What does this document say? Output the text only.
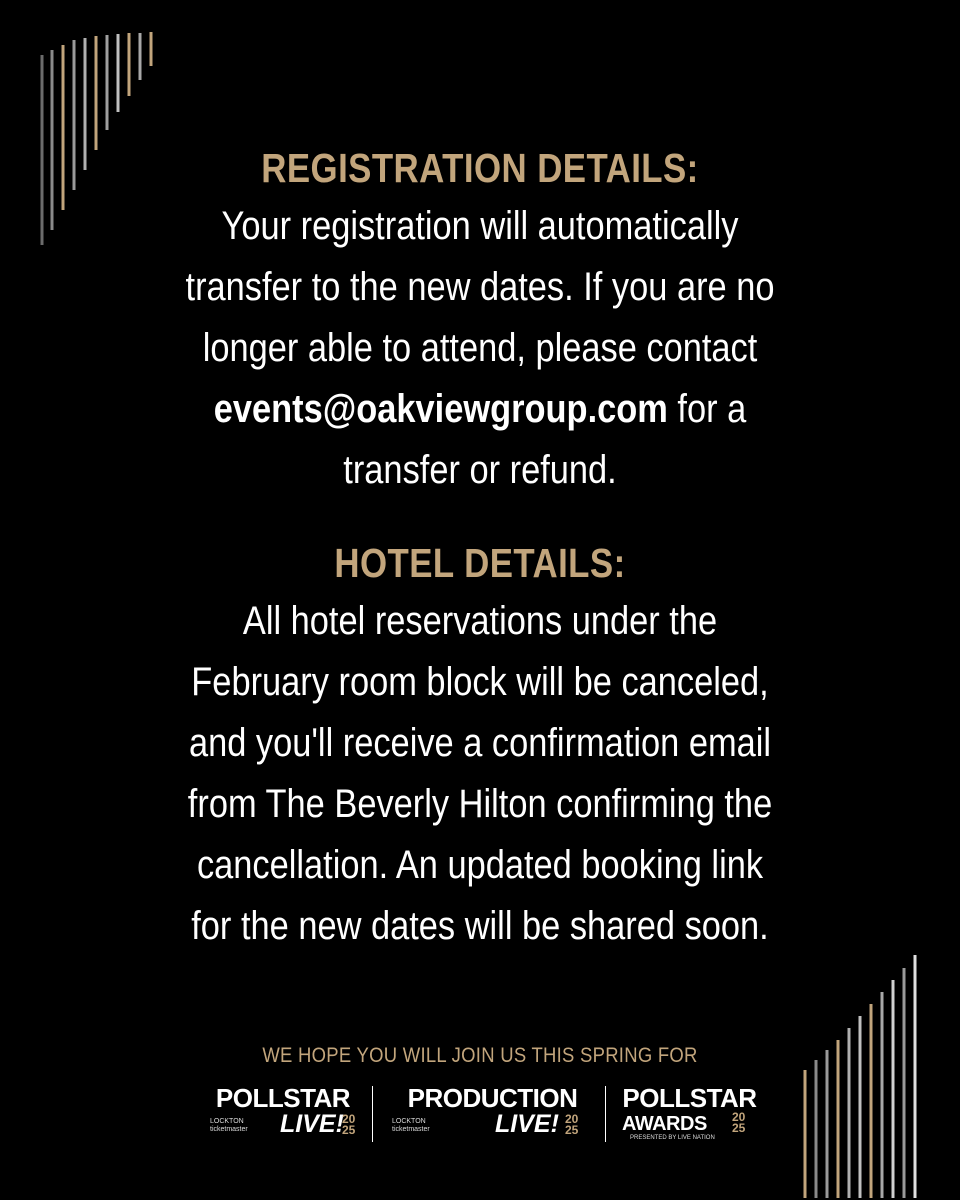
REGISTRATION DETAILS:
Your registration will automatically
transfer to the new dates. If you are no
longer able to attend, please contact
events@oakviewgroup.com for a
transfer or refund.
HOTEL DETAILS:
All hotel reservations under the
February room block will be canceled,
and you'll receive a confirmation email
from The Beverly Hilton confirming the
cancellation. An updated booking link
for the new dates will be shared soon.
WE HOPE YOU WILL JOIN US THIS SPRING FOR
POLLSTAR
LIVE!
20
25
LOCKTON
ticketmaster
PRODUCTION
LIVE! 20
25
LOCKTON
ticketmaster
POLLSTAR
AWARDS 20
25
PRESENTED BY LIVE NATION
